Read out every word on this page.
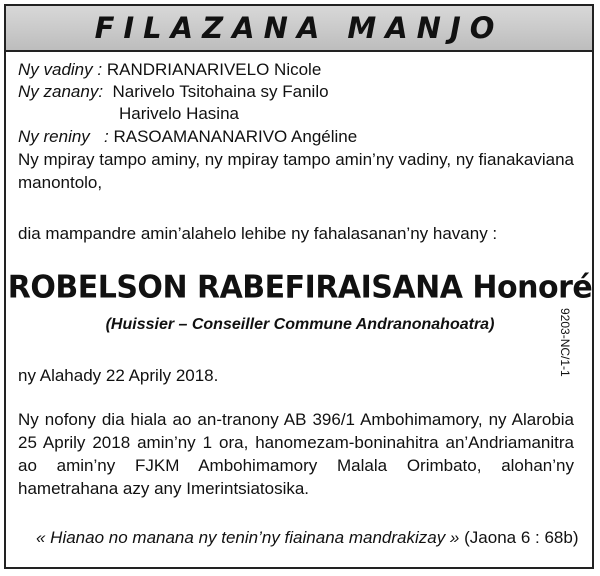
FILAZANA MANJO
Ny vadiny : RANDRIANARIVELO Nicole
Ny zanany: Narivelo Tsitohaina sy Fanilo
Harivelo Hasina
Ny reniny : RASOAMANANARIVO Angéline
Ny mpiray tampo aminy, ny mpiray tampo amin’ny vadiny, ny fianakaviana manontolo,
dia mampandre amin’alahelo lehibe ny fahalasanan’ny havany :
ROBELSON RABEFIRAISANA Honoré
(Huissier – Conseiller Commune Andranonahoatra)	9203-NC/1-1
ny Alahady 22 Aprily 2018.
Ny nofony dia hiala ao an-tranony AB 396/1 Ambohimamory, ny Alarobia 25 Aprily 2018 amin’ny 1 ora, hanomezam-boninahitra an’Andriamanitra ao amin’ny FJKM Ambohimamory Malala Orimbato, alohan’ny hametrahana azy any Imerintsiatosika.
« Hianao no manana ny tenin’ny fiainana mandrakizay » (Jaona 6 : 68b)
